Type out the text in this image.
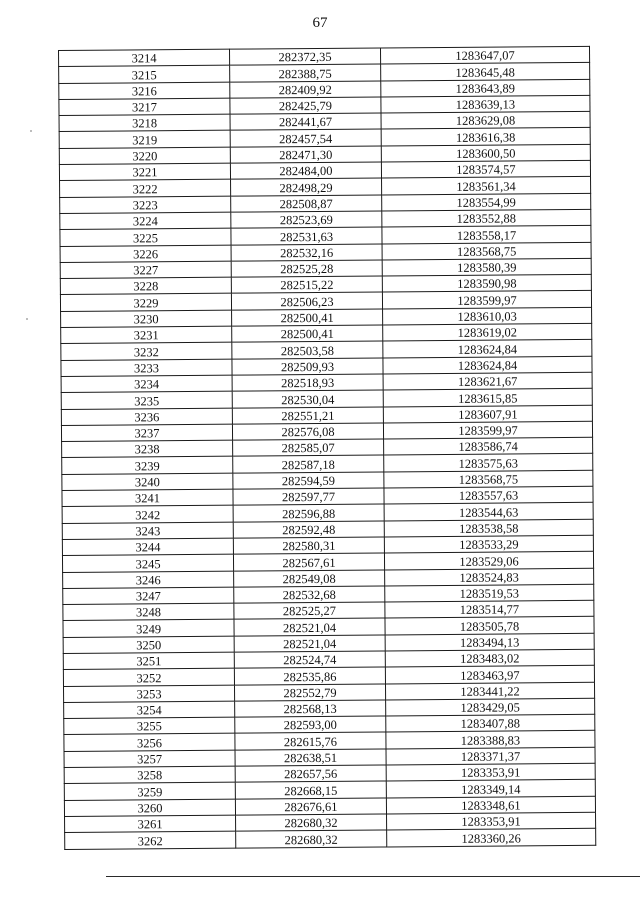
67
3214	282372,35	1283647,07
3215	282388,75	1283645,48
3216	282409,92	1283643,89
3217	282425,79	1283639,13
3218	282441,67	1283629,08
3219	282457,54	1283616,38
3220	282471,30	1283600,50
3221	282484,00	1283574,57
3222	282498,29	1283561,34
3223	282508,87	1283554,99
3224	282523,69	1283552,88
3225	282531,63	1283558,17
3226	282532,16	1283568,75
3227	282525,28	1283580,39
3228	282515,22	1283590,98
3229	282506,23	1283599,97
3230	282500,41	1283610,03
3231	282500,41	1283619,02
3232	282503,58	1283624,84
3233	282509,93	1283624,84
3234	282518,93	1283621,67
3235	282530,04	1283615,85
3236	282551,21	1283607,91
3237	282576,08	1283599,97
3238	282585,07	1283586,74
3239	282587,18	1283575,63
3240	282594,59	1283568,75
3241	282597,77	1283557,63
3242	282596,88	1283544,63
3243	282592,48	1283538,58
3244	282580,31	1283533,29
3245	282567,61	1283529,06
3246	282549,08	1283524,83
3247	282532,68	1283519,53
3248	282525,27	1283514,77
3249	282521,04	1283505,78
3250	282521,04	1283494,13
3251	282524,74	1283483,02
3252	282535,86	1283463,97
3253	282552,79	1283441,22
3254	282568,13	1283429,05
3255	282593,00	1283407,88
3256	282615,76	1283388,83
3257	282638,51	1283371,37
3258	282657,56	1283353,91
3259	282668,15	1283349,14
3260	282676,61	1283348,61
3261	282680,32	1283353,91
3262	282680,32	1283360,26
